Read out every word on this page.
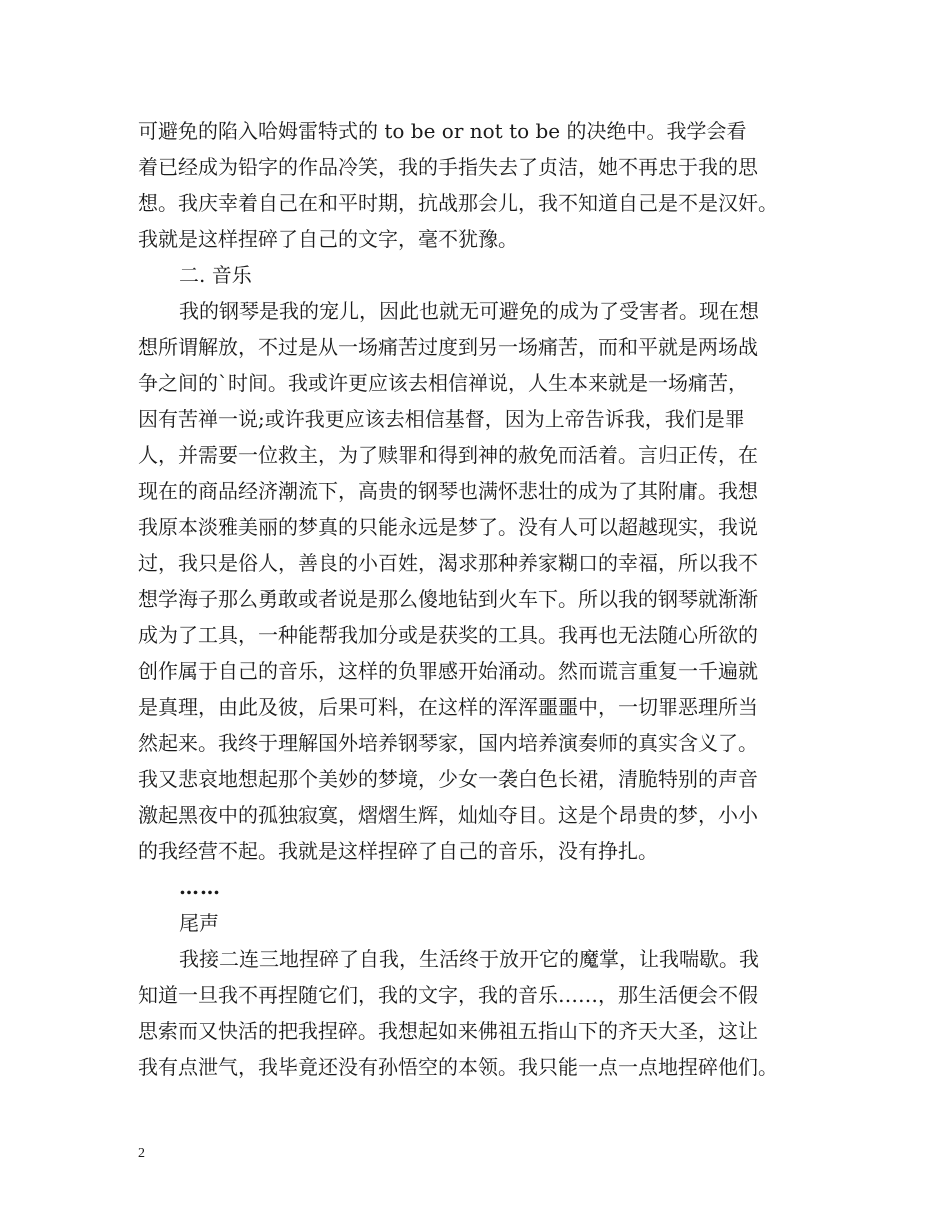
可避免的陷入哈姆雷特式的 to be or not to be 的决绝中。我学会看
着已经成为铅字的作品冷笑，我的手指失去了贞洁，她不再忠于我的思
想。我庆幸着自己在和平时期，抗战那会儿，我不知道自己是不是汉奸。
我就是这样捏碎了自己的文字，毫不犹豫。
二. 音乐
我的钢琴是我的宠儿，因此也就无可避免的成为了受害者。现在想
想所谓解放，不过是从一场痛苦过度到另一场痛苦，而和平就是两场战
争之间的`时间。我或许更应该去相信禅说，人生本来就是一场痛苦，
因有苦禅一说;或许我更应该去相信基督，因为上帝告诉我，我们是罪
人，并需要一位救主，为了赎罪和得到神的赦免而活着。言归正传，在
现在的商品经济潮流下，高贵的钢琴也满怀悲壮的成为了其附庸。我想
我原本淡雅美丽的梦真的只能永远是梦了。没有人可以超越现实，我说
过，我只是俗人，善良的小百姓，渴求那种养家糊口的幸福，所以我不
想学海子那么勇敢或者说是那么傻地钻到火车下。所以我的钢琴就渐渐
成为了工具，一种能帮我加分或是获奖的工具。我再也无法随心所欲的
创作属于自己的音乐，这样的负罪感开始涌动。然而谎言重复一千遍就
是真理，由此及彼，后果可料，在这样的浑浑噩噩中，一切罪恶理所当
然起来。我终于理解国外培养钢琴家，国内培养演奏师的真实含义了。
我又悲哀地想起那个美妙的梦境，少女一袭白色长裙，清脆特别的声音
激起黑夜中的孤独寂寞，熠熠生辉，灿灿夺目。这是个昂贵的梦，小小
的我经营不起。我就是这样捏碎了自己的音乐，没有挣扎。
……
尾声
我接二连三地捏碎了自我，生活终于放开它的魔掌，让我喘歇。我
知道一旦我不再捏随它们，我的文字，我的音乐……，那生活便会不假
思索而又快活的把我捏碎。我想起如来佛祖五指山下的齐天大圣，这让
我有点泄气，我毕竟还没有孙悟空的本领。我只能一点一点地捏碎他们。
2
